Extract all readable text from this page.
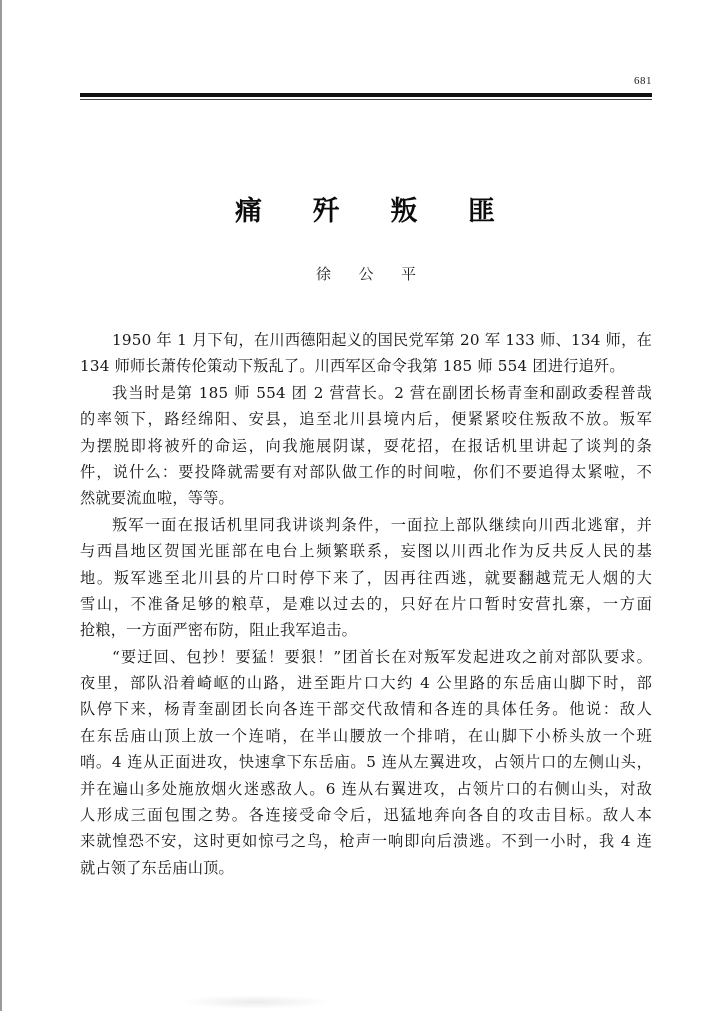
681
痛 歼 叛 匪
徐 公 平
1950 年 1 月下旬，在川西德阳起义的国民党军第 20 军 133 师、134 师，在
134 师师长萧传伦策动下叛乱了。川西军区命令我第 185 师 554 团进行追歼。
我当时是第 185 师 554 团 2 营营长。2 营在副团长杨青奎和副政委程普哉
的率领下，路经绵阳、安县，追至北川县境内后，便紧紧咬住叛敌不放。叛军
为摆脱即将被歼的命运，向我施展阴谋，耍花招，在报话机里讲起了谈判的条
件，说什么：要投降就需要有对部队做工作的时间啦，你们不要追得太紧啦，不
然就要流血啦，等等。
叛军一面在报话机里同我讲谈判条件，一面拉上部队继续向川西北逃窜，并
与西昌地区贺国光匪部在电台上频繁联系，妄图以川西北作为反共反人民的基
地。叛军逃至北川县的片口时停下来了，因再往西逃，就要翻越荒无人烟的大
雪山，不准备足够的粮草，是难以过去的，只好在片口暂时安营扎寨，一方面
抢粮，一方面严密布防，阻止我军追击。
“要迂回、包抄！要猛！要狠！”团首长在对叛军发起进攻之前对部队要求。
夜里，部队沿着崎岖的山路，进至距片口大约 4 公里路的东岳庙山脚下时，部
队停下来，杨青奎副团长向各连干部交代敌情和各连的具体任务。他说：敌人
在东岳庙山顶上放一个连哨，在半山腰放一个排哨，在山脚下小桥头放一个班
哨。4 连从正面进攻，快速拿下东岳庙。5 连从左翼进攻，占领片口的左侧山头，
并在遍山多处施放烟火迷惑敌人。6 连从右翼进攻，占领片口的右侧山头，对敌
人形成三面包围之势。各连接受命令后，迅猛地奔向各自的攻击目标。敌人本
来就惶恐不安，这时更如惊弓之鸟，枪声一响即向后溃逃。不到一小时，我 4 连
就占领了东岳庙山顶。
